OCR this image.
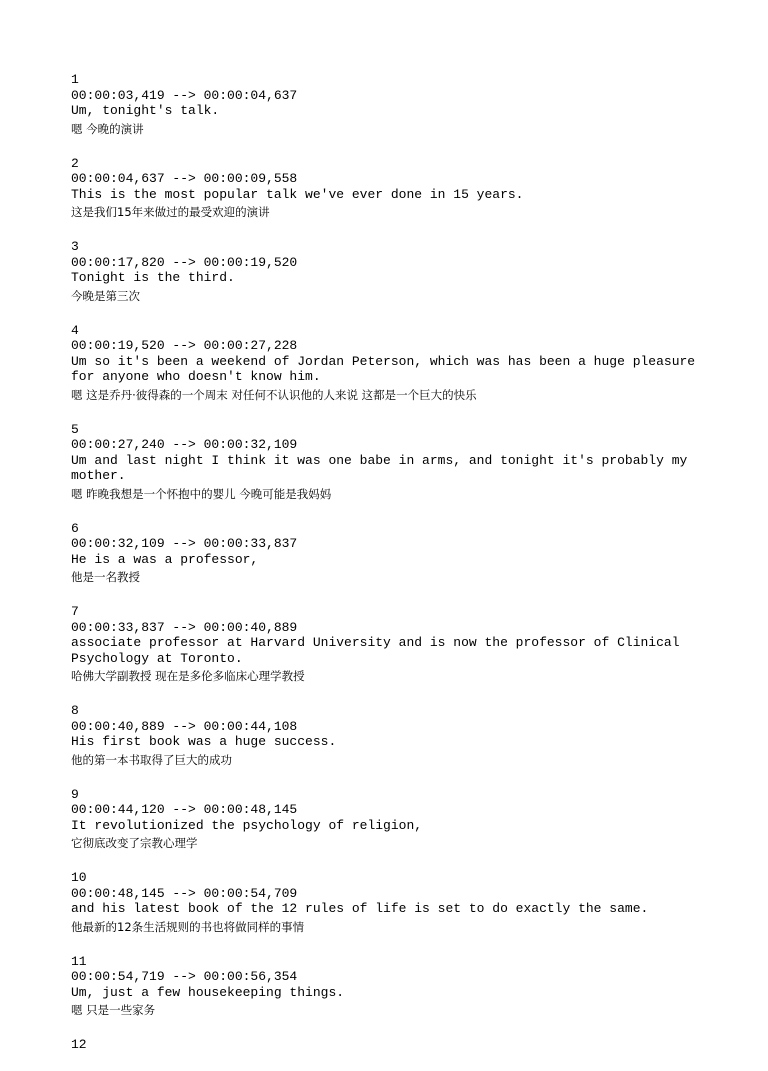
1
00:00:03,419 --> 00:00:04,637
Um, tonight's talk.
嗯 今晚的演讲
2
00:00:04,637 --> 00:00:09,558
This is the most popular talk we've ever done in 15 years.
这是我们15年来做过的最受欢迎的演讲
3
00:00:17,820 --> 00:00:19,520
Tonight is the third.
今晚是第三次
4
00:00:19,520 --> 00:00:27,228
Um so it's been a weekend of Jordan Peterson, which was has been a huge pleasure
for anyone who doesn't know him.
嗯 这是乔丹·彼得森的一个周末 对任何不认识他的人来说 这都是一个巨大的快乐
5
00:00:27,240 --> 00:00:32,109
Um and last night I think it was one babe in arms, and tonight it's probably my
mother.
嗯 昨晚我想是一个怀抱中的婴儿 今晚可能是我妈妈
6
00:00:32,109 --> 00:00:33,837
He is a was a professor,
他是一名教授
7
00:00:33,837 --> 00:00:40,889
associate professor at Harvard University and is now the professor of Clinical
Psychology at Toronto.
哈佛大学副教授 现在是多伦多临床心理学教授
8
00:00:40,889 --> 00:00:44,108
His first book was a huge success.
他的第一本书取得了巨大的成功
9
00:00:44,120 --> 00:00:48,145
It revolutionized the psychology of religion,
它彻底改变了宗教心理学
10
00:00:48,145 --> 00:00:54,709
and his latest book of the 12 rules of life is set to do exactly the same.
他最新的12条生活规则的书也将做同样的事情
11
00:00:54,719 --> 00:00:56,354
Um, just a few housekeeping things.
嗯 只是一些家务
12
